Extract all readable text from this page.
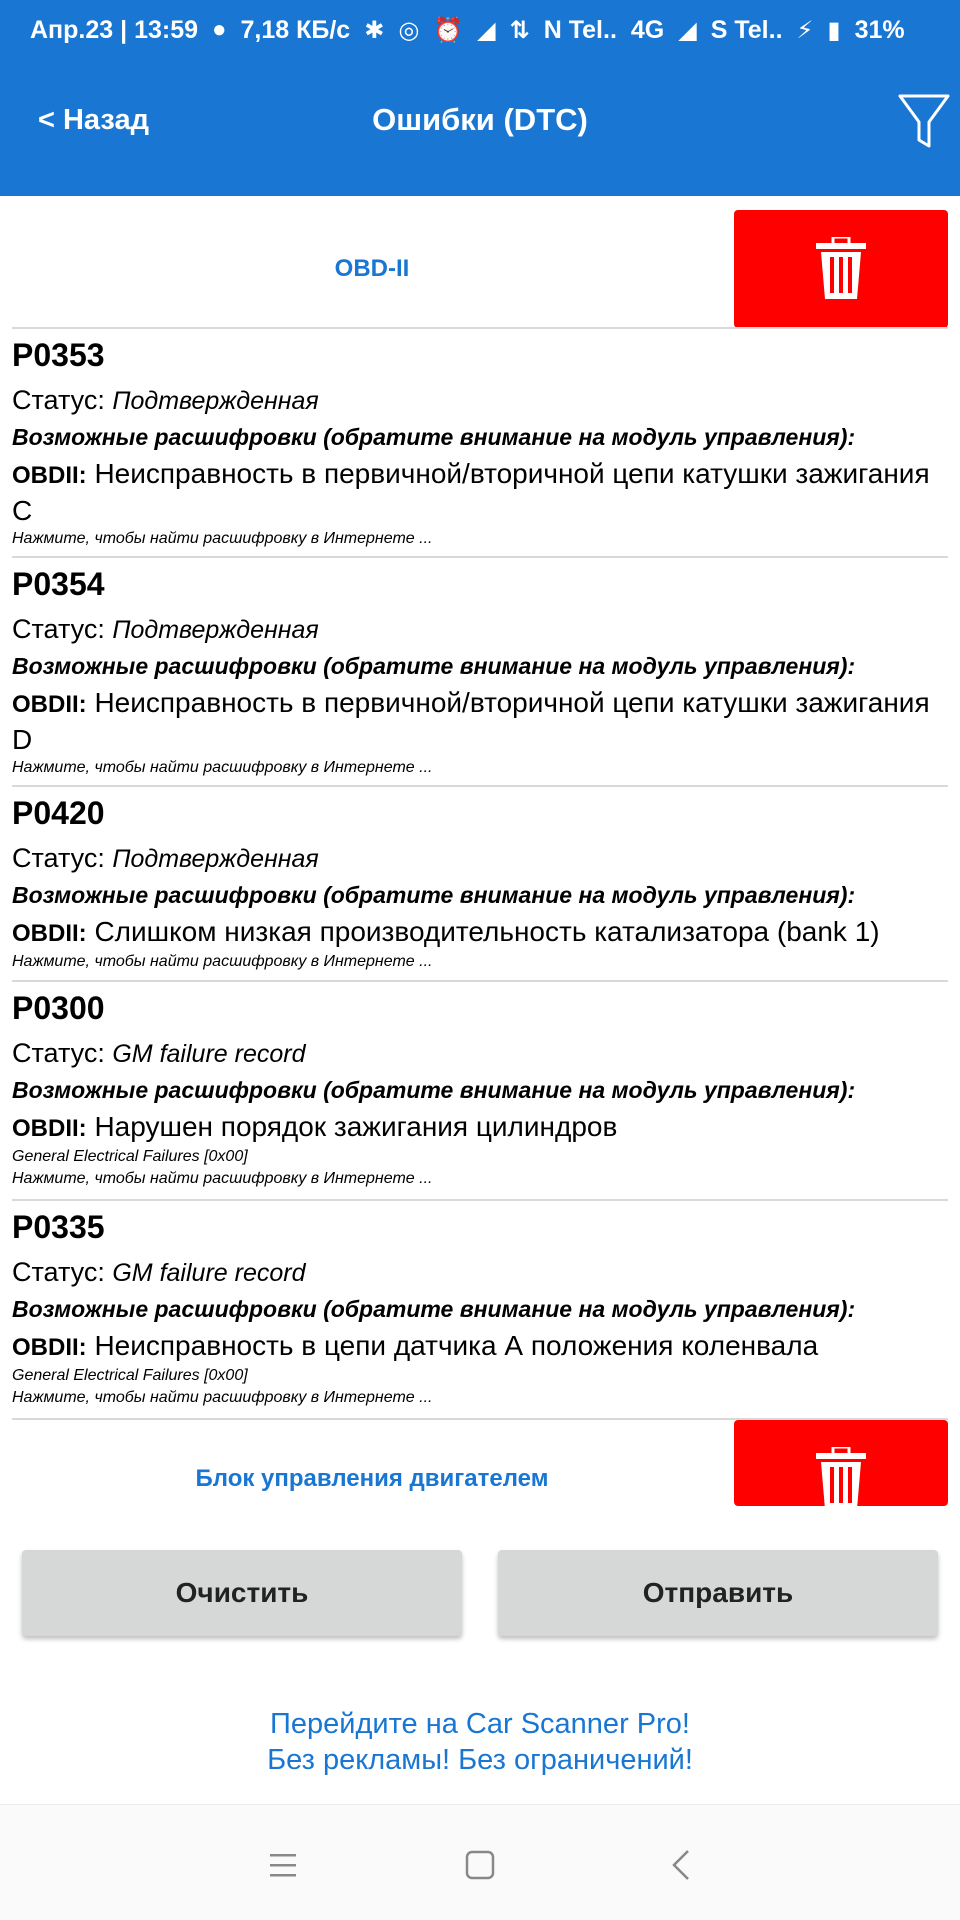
Апр.23 | 13:59 ● 7,18 КБ/с ✱ ◎ ⏰ ◢ ⇅ N Tel.. 4G ◢ S Tel.. ⚡ ▮ 31%
< Назад	Ошибки (DTC)
OBD-II
P0353
Статус: Подтвержденная
Возможные расшифровки (обратите внимание на модуль управления):
OBDII: Неисправность в первичной/вторичной цепи катушки зажигания C
Нажмите, чтобы найти расшифровку в Интернете ...
P0354
Статус: Подтвержденная
Возможные расшифровки (обратите внимание на модуль управления):
OBDII: Неисправность в первичной/вторичной цепи катушки зажигания D
Нажмите, чтобы найти расшифровку в Интернете ...
P0420
Статус: Подтвержденная
Возможные расшифровки (обратите внимание на модуль управления):
OBDII: Слишком низкая производительность катализатора (bank 1)
Нажмите, чтобы найти расшифровку в Интернете ...
P0300
Статус: GM failure record
Возможные расшифровки (обратите внимание на модуль управления):
OBDII: Нарушен порядок зажигания цилиндров
General Electrical Failures [0x00]
Нажмите, чтобы найти расшифровку в Интернете ...
P0335
Статус: GM failure record
Возможные расшифровки (обратите внимание на модуль управления):
OBDII: Неисправность в цепи датчика А положения коленвала
General Electrical Failures [0x00]
Нажмите, чтобы найти расшифровку в Интернете ...
Блок управления двигателем
Очистить	Отправить
Перейдите на Car Scanner Pro!
Без рекламы! Без ограничений!
